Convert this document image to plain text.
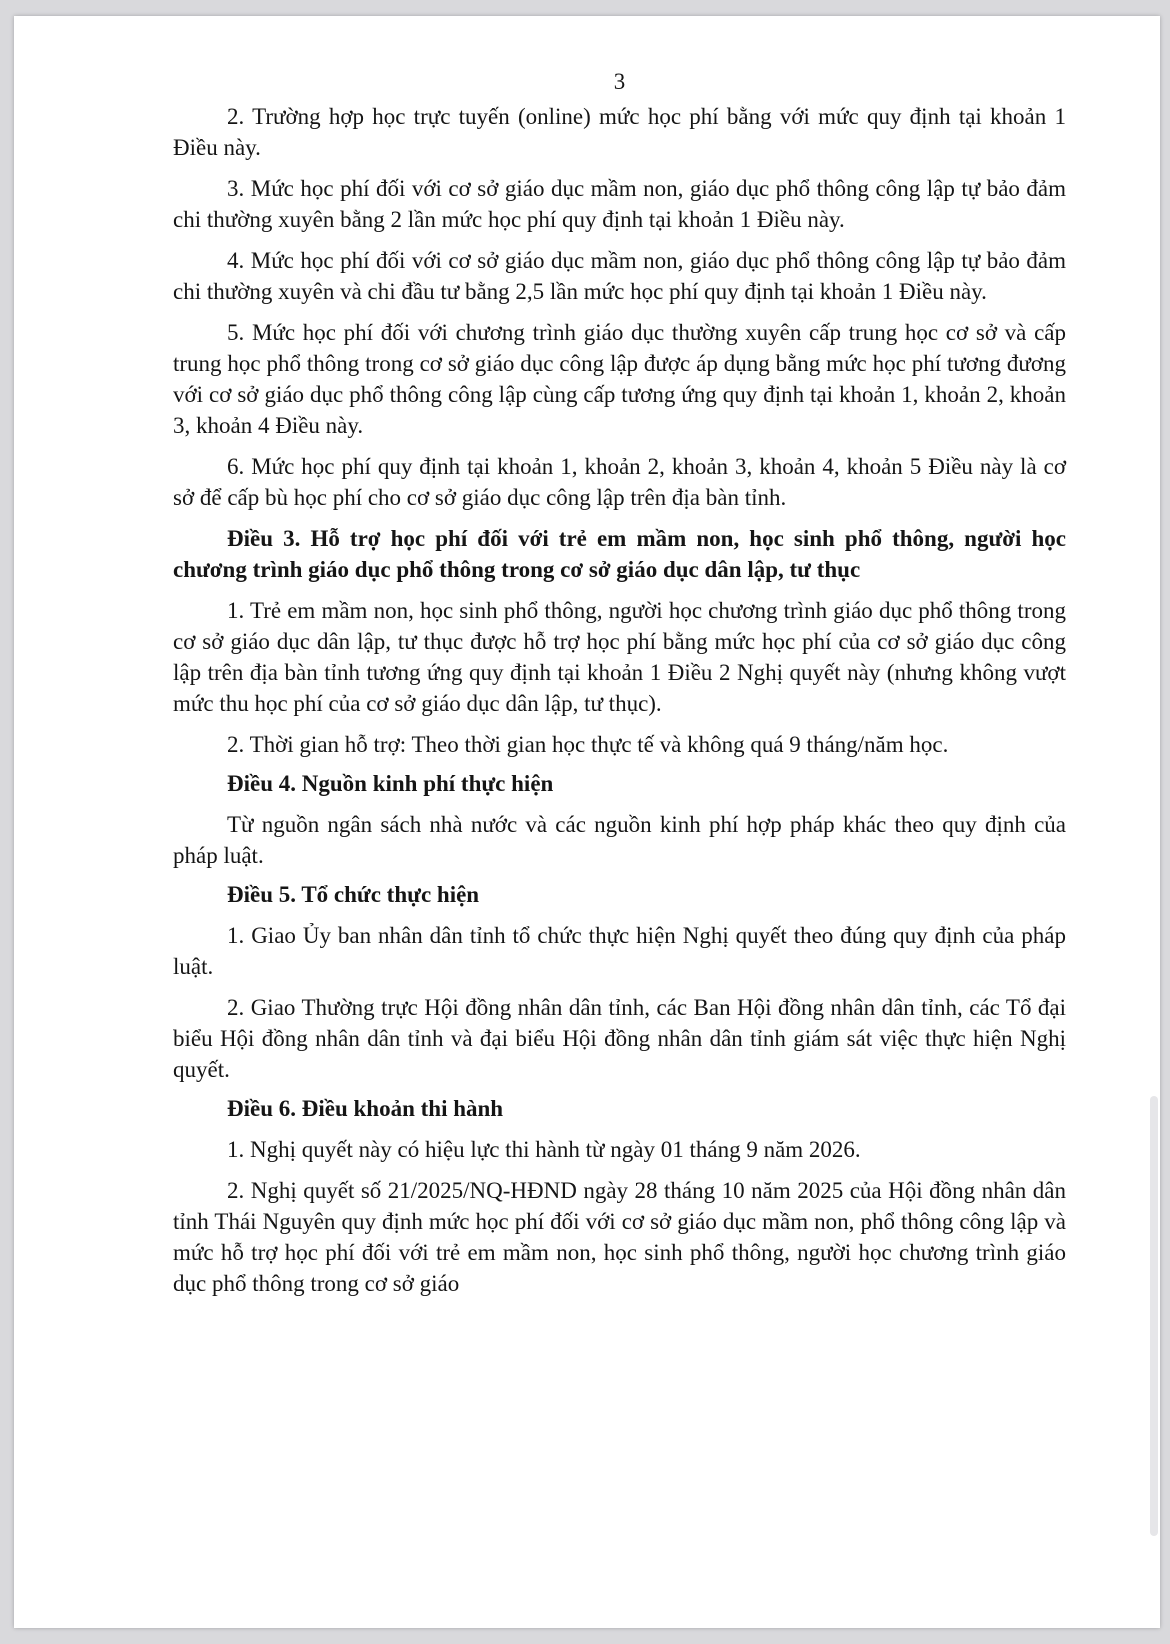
3

2. Trường hợp học trực tuyến (online) mức học phí bằng với mức quy định tại khoản 1 Điều này.

3. Mức học phí đối với cơ sở giáo dục mầm non, giáo dục phổ thông công lập tự bảo đảm chi thường xuyên bằng 2 lần mức học phí quy định tại khoản 1 Điều này.

4. Mức học phí đối với cơ sở giáo dục mầm non, giáo dục phổ thông công lập tự bảo đảm chi thường xuyên và chi đầu tư bằng 2,5 lần mức học phí quy định tại khoản 1 Điều này.

5. Mức học phí đối với chương trình giáo dục thường xuyên cấp trung học cơ sở và cấp trung học phổ thông trong cơ sở giáo dục công lập được áp dụng bằng mức học phí tương đương với cơ sở giáo dục phổ thông công lập cùng cấp tương ứng quy định tại khoản 1, khoản 2, khoản 3, khoản 4 Điều này.

6. Mức học phí quy định tại khoản 1, khoản 2, khoản 3, khoản 4, khoản 5 Điều này là cơ sở để cấp bù học phí cho cơ sở giáo dục công lập trên địa bàn tỉnh.

Điều 3. Hỗ trợ học phí đối với trẻ em mầm non, học sinh phổ thông, người học chương trình giáo dục phổ thông trong cơ sở giáo dục dân lập, tư thục

1. Trẻ em mầm non, học sinh phổ thông, người học chương trình giáo dục phổ thông trong cơ sở giáo dục dân lập, tư thục được hỗ trợ học phí bằng mức học phí của cơ sở giáo dục công lập trên địa bàn tỉnh tương ứng quy định tại khoản 1 Điều 2 Nghị quyết này (nhưng không vượt mức thu học phí của cơ sở giáo dục dân lập, tư thục).

2. Thời gian hỗ trợ: Theo thời gian học thực tế và không quá 9 tháng/năm học.

Điều 4. Nguồn kinh phí thực hiện

Từ nguồn ngân sách nhà nước và các nguồn kinh phí hợp pháp khác theo quy định của pháp luật.

Điều 5. Tổ chức thực hiện

1. Giao Ủy ban nhân dân tỉnh tổ chức thực hiện Nghị quyết theo đúng quy định của pháp luật.

2. Giao Thường trực Hội đồng nhân dân tỉnh, các Ban Hội đồng nhân dân tỉnh, các Tổ đại biểu Hội đồng nhân dân tỉnh và đại biểu Hội đồng nhân dân tỉnh giám sát việc thực hiện Nghị quyết.

Điều 6. Điều khoản thi hành

1. Nghị quyết này có hiệu lực thi hành từ ngày 01 tháng 9 năm 2026.

2. Nghị quyết số 21/2025/NQ-HĐND ngày 28 tháng 10 năm 2025 của Hội đồng nhân dân tỉnh Thái Nguyên quy định mức học phí đối với cơ sở giáo dục mầm non, phổ thông công lập và mức hỗ trợ học phí đối với trẻ em mầm non, học sinh phổ thông, người học chương trình giáo dục phổ thông trong cơ sở giáo
